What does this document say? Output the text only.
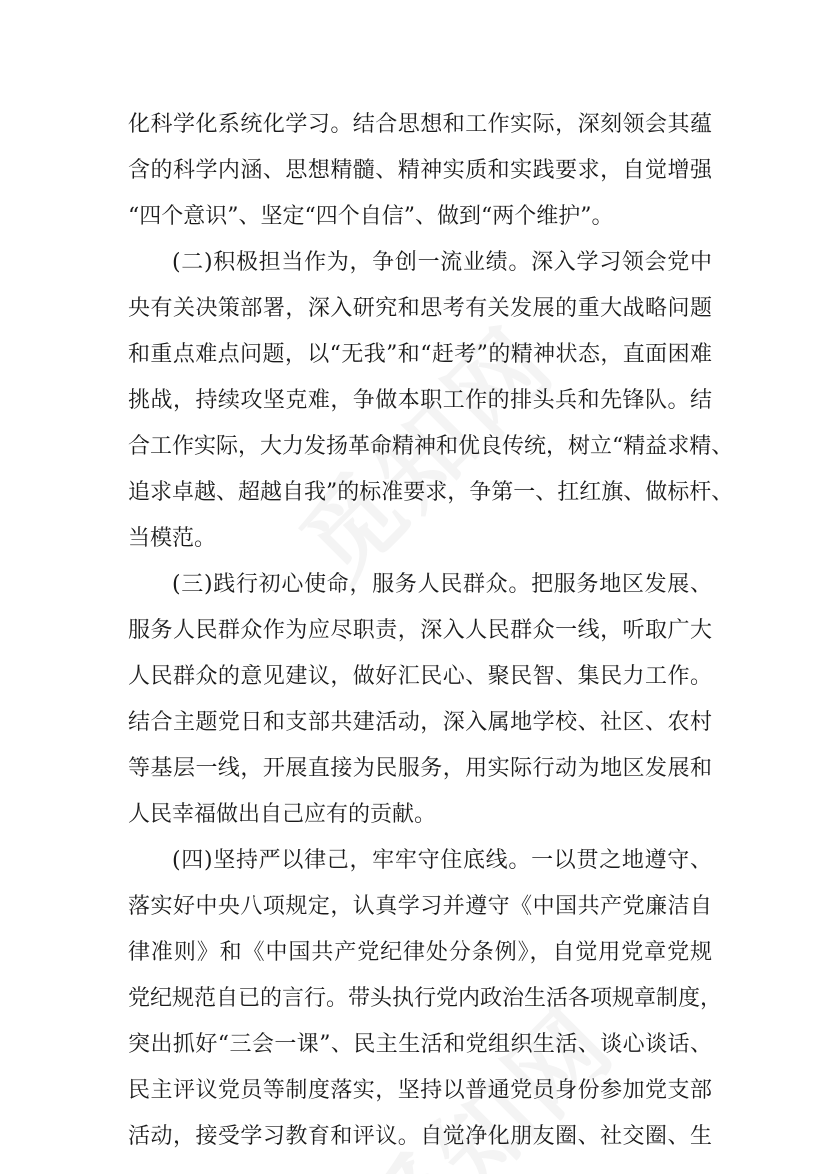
化科学化系统化学习。结合思想和工作实际，深刻领会其蕴
含的科学内涵、思想精髓、精神实质和实践要求，自觉增强
“四个意识”、坚定“四个自信”、做到“两个维护”。
(二)积极担当作为，争创一流业绩。深入学习领会党中
央有关决策部署，深入研究和思考有关发展的重大战略问题
和重点难点问题，以“无我”和“赶考”的精神状态，直面困难
挑战，持续攻坚克难，争做本职工作的排头兵和先锋队。结
合工作实际，大力发扬革命精神和优良传统，树立“精益求精、
追求卓越、超越自我”的标准要求，争第一、扛红旗、做标杆、
当模范。
(三)践行初心使命，服务人民群众。把服务地区发展、
服务人民群众作为应尽职责，深入人民群众一线，听取广大
人民群众的意见建议，做好汇民心、聚民智、集民力工作。
结合主题党日和支部共建活动，深入属地学校、社区、农村
等基层一线，开展直接为民服务，用实际行动为地区发展和
人民幸福做出自己应有的贡献。
(四)坚持严以律己，牢牢守住底线。一以贯之地遵守、
落实好中央八项规定，认真学习并遵守《中国共产党廉洁自
律准则》和《中国共产党纪律处分条例》，自觉用党章党规
党纪规范自已的言行。带头执行党内政治生活各项规章制度，
突出抓好“三会一课”、民主生活和党组织生活、谈心谈话、
民主评议党员等制度落实，坚持以普通党员身份参加党支部
活动，接受学习教育和评议。自觉净化朋友圈、社交圈、生
